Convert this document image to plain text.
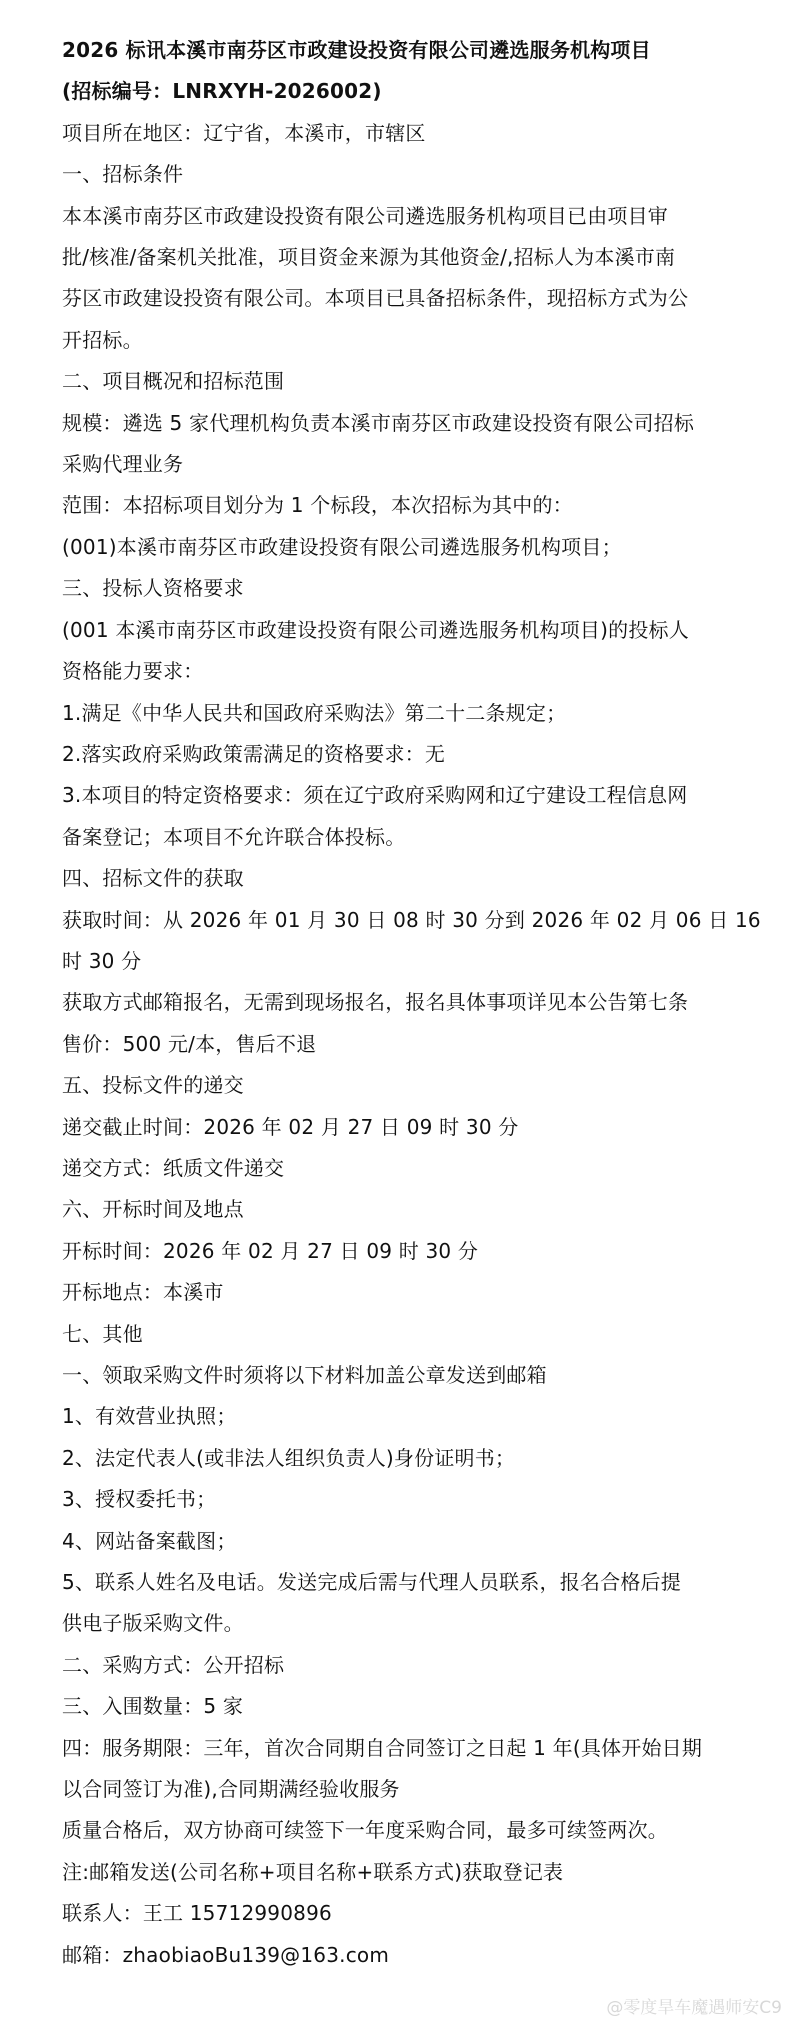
2026 标讯本溪市南芬区市政建设投资有限公司遴选服务机构项目
(招标编号：LNRXYH-2026002)
项目所在地区：辽宁省，本溪市，市辖区
一、招标条件
本本溪市南芬区市政建设投资有限公司遴选服务机构项目已由项目审
批/核准/备案机关批准，项目资金来源为其他资金/,招标人为本溪市南
芬区市政建设投资有限公司。本项目已具备招标条件，现招标方式为公
开招标。
二、项目概况和招标范围
规模：遴选 5 家代理机构负责本溪市南芬区市政建设投资有限公司招标
采购代理业务
范围：本招标项目划分为 1 个标段，本次招标为其中的：
(001)本溪市南芬区市政建设投资有限公司遴选服务机构项目；
三、投标人资格要求
(001 本溪市南芬区市政建设投资有限公司遴选服务机构项目)的投标人
资格能力要求：
1.满足《中华人民共和国政府采购法》第二十二条规定；
2.落实政府采购政策需满足的资格要求：无
3.本项目的特定资格要求：须在辽宁政府采购网和辽宁建设工程信息网
备案登记；本项目不允许联合体投标。
四、招标文件的获取
获取时间：从 2026 年 01 月 30 日 08 时 30 分到 2026 年 02 月 06 日 16
时 30 分
获取方式邮箱报名，无需到现场报名，报名具体事项详见本公告第七条
售价：500 元/本，售后不退
五、投标文件的递交
递交截止时间：2026 年 02 月 27 日 09 时 30 分
递交方式：纸质文件递交
六、开标时间及地点
开标时间：2026 年 02 月 27 日 09 时 30 分
开标地点：本溪市
七、其他
一、领取采购文件时须将以下材料加盖公章发送到邮箱
1、有效营业执照；
2、法定代表人(或非法人组织负责人)身份证明书；
3、授权委托书；
4、网站备案截图；
5、联系人姓名及电话。发送完成后需与代理人员联系，报名合格后提
供电子版采购文件。
二、采购方式：公开招标
三、入围数量：5 家
四：服务期限：三年，首次合同期自合同签订之日起 1 年(具体开始日期
以合同签订为准),合同期满经验收服务
质量合格后，双方协商可续签下一年度采购合同，最多可续签两次。
注:邮箱发送(公司名称+项目名称+联系方式)获取登记表
联系人：王工 15712990896
邮箱：zhaobiaoBu139@163.com
@零度旱车魔遇师安C9
